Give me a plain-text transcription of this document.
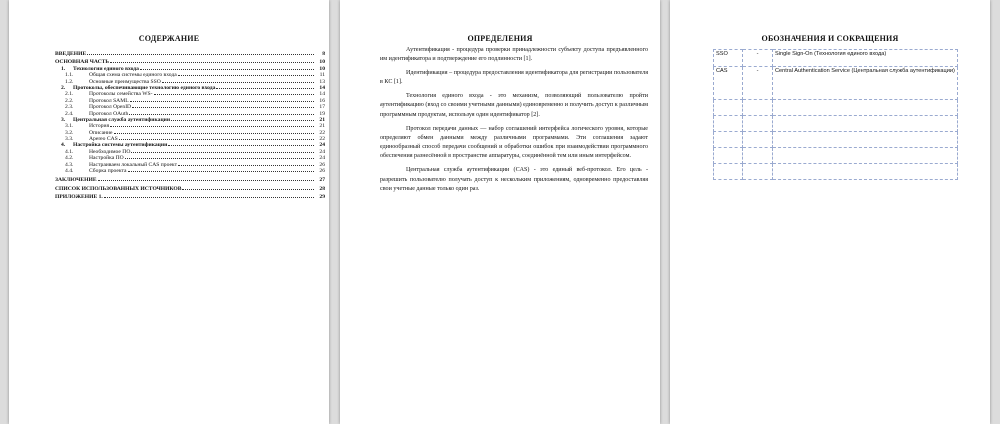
СОДЕРЖАНИЕ
ВВЕДЕНИЕ	8
ОСНОВНАЯ ЧАСТЬ	10
1.	Технологии единого входа	10
1.1.	Общая схема системы единого входа	11
1.2.	Основные преимущества SSO	13
2.	Протоколы, обеспечивающие технологию единого входа	14
2.1.	Протоколы семейства WS-	14
2.2.	Протокол SAML	16
2.3.	Протокол OpenID	17
2.4.	Протокол OAuth	19
3.	Центральная служба аутентификации	21
3.1.	История	21
3.2.	Описание	22
3.3.	Apereo CAS	22
4.	Настройка системы аутентификации	24
4.1.	Необходимое ПО	24
4.2.	Настройка ПО	24
4.3.	Настраиваем локальный CAS проект	26
4.4.	Сборка проекта	26
ЗАКЛЮЧЕНИЕ	27
СПИСОК ИСПОЛЬЗОВАННЫХ ИСТОЧНИКОВ	28
ПРИЛОЖЕНИЕ 1.	29
ОПРЕДЕЛЕНИЯ

Аутентификация - процедура проверки принадлежности субъекту доступа предъявленного им идентификатора и подтверждение его подлинности [1].

Идентификация – процедура предоставления идентификатора для регистрации пользователя в КС [1].

Технология единого входа - это механизм, позволяющий пользователю пройти аутентификацию (вход со своими учетными данными) единовременно и получить доступ к различным программным продуктам, используя один идентификатор [2].

Протокол передачи данных — набор соглашений интерфейса логического уровня, которые определяют обмен данными между различными программами. Эти соглашения задают единообразный способ передачи сообщений и обработки ошибок при взаимодействии программного обеспечения разнесённой в пространстве аппаратуры, соединённой тем или иным интерфейсом.

Центральная служба аутентификации (CAS) - это единый веб-протокол. Его цель - разрешить пользователю получать доступ к нескольким приложениям, одновременно предоставляя свои учетные данные только один раз.

ОБОЗНАЧЕНИЯ И СОКРАЩЕНИЯ
SSO	-	Single Sign-On (Технология единого входа)
CAS	-	Central Authentication Service (Центральная служба аутентификации)
